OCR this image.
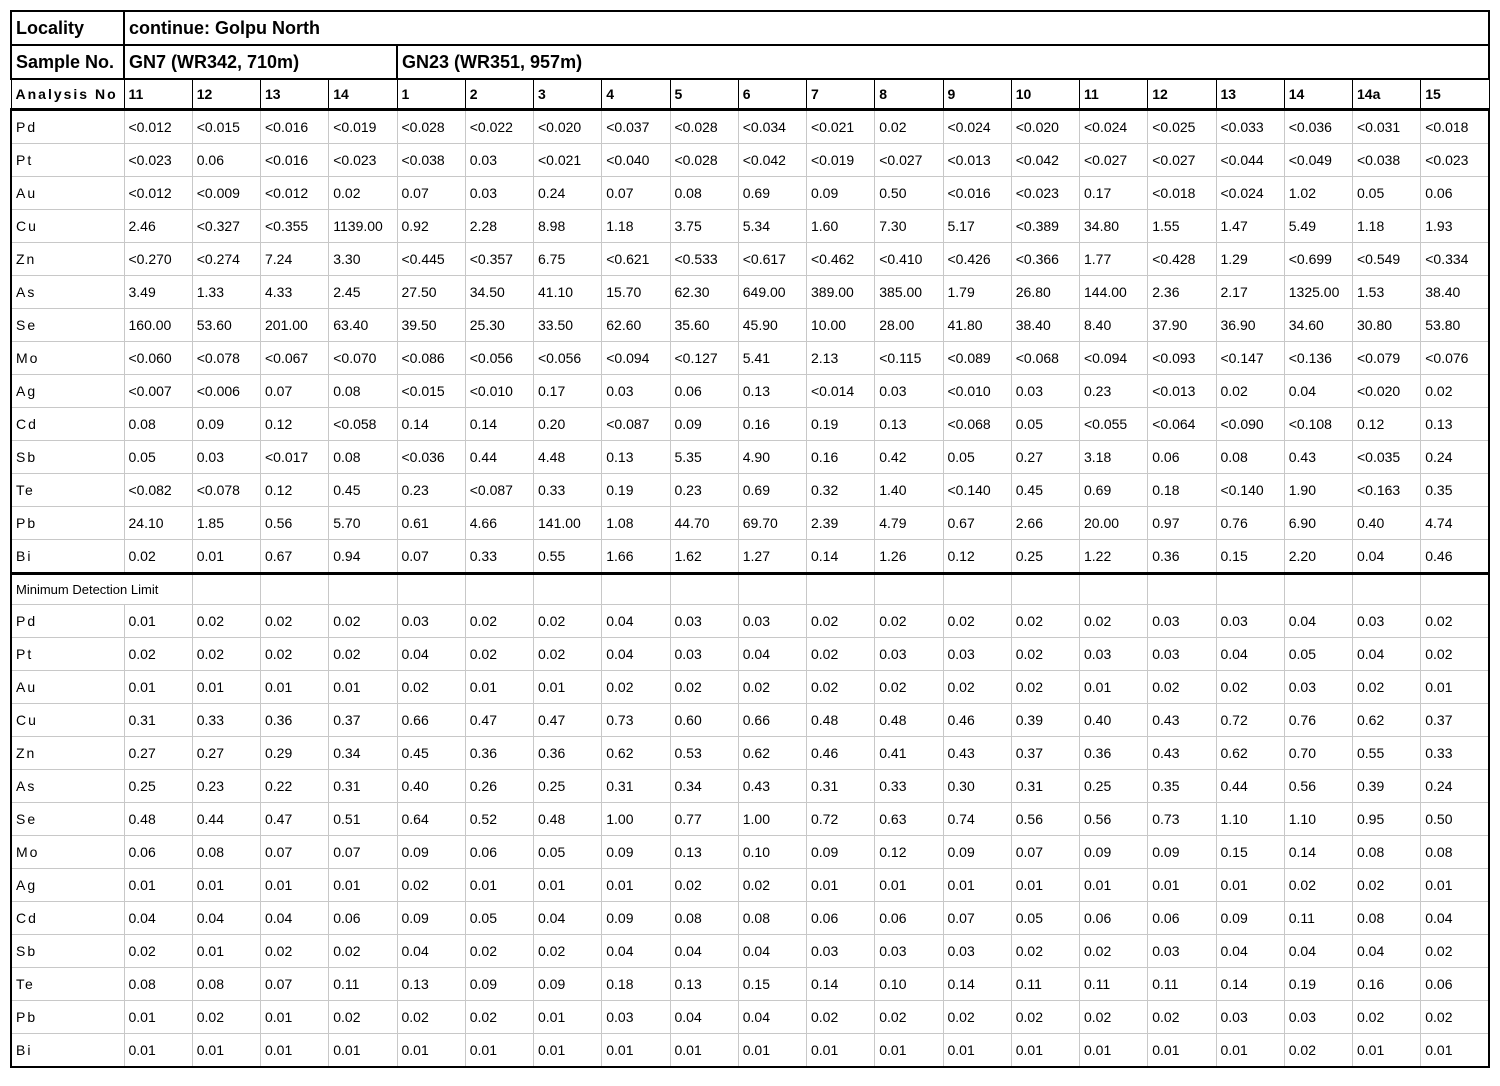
Locality	continue: Golpu North																			
Sample No.	GN7 (WR342, 710m)				GN23 (WR351, 957m)															
Analysis No	11	12	13	14	1	2	3	4	5	6	7	8	9	10	11	12	13	14	14a	15
Pd	<0.012	<0.015	<0.016	<0.019	<0.028	<0.022	<0.020	<0.037	<0.028	<0.034	<0.021	0.02	<0.024	<0.020	<0.024	<0.025	<0.033	<0.036	<0.031	<0.018
Pt	<0.023	0.06	<0.016	<0.023	<0.038	0.03	<0.021	<0.040	<0.028	<0.042	<0.019	<0.027	<0.013	<0.042	<0.027	<0.027	<0.044	<0.049	<0.038	<0.023
Au	<0.012	<0.009	<0.012	0.02	0.07	0.03	0.24	0.07	0.08	0.69	0.09	0.50	<0.016	<0.023	0.17	<0.018	<0.024	1.02	0.05	0.06
Cu	2.46	<0.327	<0.355	1139.00	0.92	2.28	8.98	1.18	3.75	5.34	1.60	7.30	5.17	<0.389	34.80	1.55	1.47	5.49	1.18	1.93
Zn	<0.270	<0.274	7.24	3.30	<0.445	<0.357	6.75	<0.621	<0.533	<0.617	<0.462	<0.410	<0.426	<0.366	1.77	<0.428	1.29	<0.699	<0.549	<0.334
As	3.49	1.33	4.33	2.45	27.50	34.50	41.10	15.70	62.30	649.00	389.00	385.00	1.79	26.80	144.00	2.36	2.17	1325.00	1.53	38.40
Se	160.00	53.60	201.00	63.40	39.50	25.30	33.50	62.60	35.60	45.90	10.00	28.00	41.80	38.40	8.40	37.90	36.90	34.60	30.80	53.80
Mo	<0.060	<0.078	<0.067	<0.070	<0.086	<0.056	<0.056	<0.094	<0.127	5.41	2.13	<0.115	<0.089	<0.068	<0.094	<0.093	<0.147	<0.136	<0.079	<0.076
Ag	<0.007	<0.006	0.07	0.08	<0.015	<0.010	0.17	0.03	0.06	0.13	<0.014	0.03	<0.010	0.03	0.23	<0.013	0.02	0.04	<0.020	0.02
Cd	0.08	0.09	0.12	<0.058	0.14	0.14	0.20	<0.087	0.09	0.16	0.19	0.13	<0.068	0.05	<0.055	<0.064	<0.090	<0.108	0.12	0.13
Sb	0.05	0.03	<0.017	0.08	<0.036	0.44	4.48	0.13	5.35	4.90	0.16	0.42	0.05	0.27	3.18	0.06	0.08	0.43	<0.035	0.24
Te	<0.082	<0.078	0.12	0.45	0.23	<0.087	0.33	0.19	0.23	0.69	0.32	1.40	<0.140	0.45	0.69	0.18	<0.140	1.90	<0.163	0.35
Pb	24.10	1.85	0.56	5.70	0.61	4.66	141.00	1.08	44.70	69.70	2.39	4.79	0.67	2.66	20.00	0.97	0.76	6.90	0.40	4.74
Bi	0.02	0.01	0.67	0.94	0.07	0.33	0.55	1.66	1.62	1.27	0.14	1.26	0.12	0.25	1.22	0.36	0.15	2.20	0.04	0.46
Minimum Detection Limit																				
Pd	0.01	0.02	0.02	0.02	0.03	0.02	0.02	0.04	0.03	0.03	0.02	0.02	0.02	0.02	0.02	0.03	0.03	0.04	0.03	0.02
Pt	0.02	0.02	0.02	0.02	0.04	0.02	0.02	0.04	0.03	0.04	0.02	0.03	0.03	0.02	0.03	0.03	0.04	0.05	0.04	0.02
Au	0.01	0.01	0.01	0.01	0.02	0.01	0.01	0.02	0.02	0.02	0.02	0.02	0.02	0.02	0.01	0.02	0.02	0.03	0.02	0.01
Cu	0.31	0.33	0.36	0.37	0.66	0.47	0.47	0.73	0.60	0.66	0.48	0.48	0.46	0.39	0.40	0.43	0.72	0.76	0.62	0.37
Zn	0.27	0.27	0.29	0.34	0.45	0.36	0.36	0.62	0.53	0.62	0.46	0.41	0.43	0.37	0.36	0.43	0.62	0.70	0.55	0.33
As	0.25	0.23	0.22	0.31	0.40	0.26	0.25	0.31	0.34	0.43	0.31	0.33	0.30	0.31	0.25	0.35	0.44	0.56	0.39	0.24
Se	0.48	0.44	0.47	0.51	0.64	0.52	0.48	1.00	0.77	1.00	0.72	0.63	0.74	0.56	0.56	0.73	1.10	1.10	0.95	0.50
Mo	0.06	0.08	0.07	0.07	0.09	0.06	0.05	0.09	0.13	0.10	0.09	0.12	0.09	0.07	0.09	0.09	0.15	0.14	0.08	0.08
Ag	0.01	0.01	0.01	0.01	0.02	0.01	0.01	0.01	0.02	0.02	0.01	0.01	0.01	0.01	0.01	0.01	0.01	0.02	0.02	0.01
Cd	0.04	0.04	0.04	0.06	0.09	0.05	0.04	0.09	0.08	0.08	0.06	0.06	0.07	0.05	0.06	0.06	0.09	0.11	0.08	0.04
Sb	0.02	0.01	0.02	0.02	0.04	0.02	0.02	0.04	0.04	0.04	0.03	0.03	0.03	0.02	0.02	0.03	0.04	0.04	0.04	0.02
Te	0.08	0.08	0.07	0.11	0.13	0.09	0.09	0.18	0.13	0.15	0.14	0.10	0.14	0.11	0.11	0.11	0.14	0.19	0.16	0.06
Pb	0.01	0.02	0.01	0.02	0.02	0.02	0.01	0.03	0.04	0.04	0.02	0.02	0.02	0.02	0.02	0.02	0.03	0.03	0.02	0.02
Bi	0.01	0.01	0.01	0.01	0.01	0.01	0.01	0.01	0.01	0.01	0.01	0.01	0.01	0.01	0.01	0.01	0.01	0.02	0.01	0.01
